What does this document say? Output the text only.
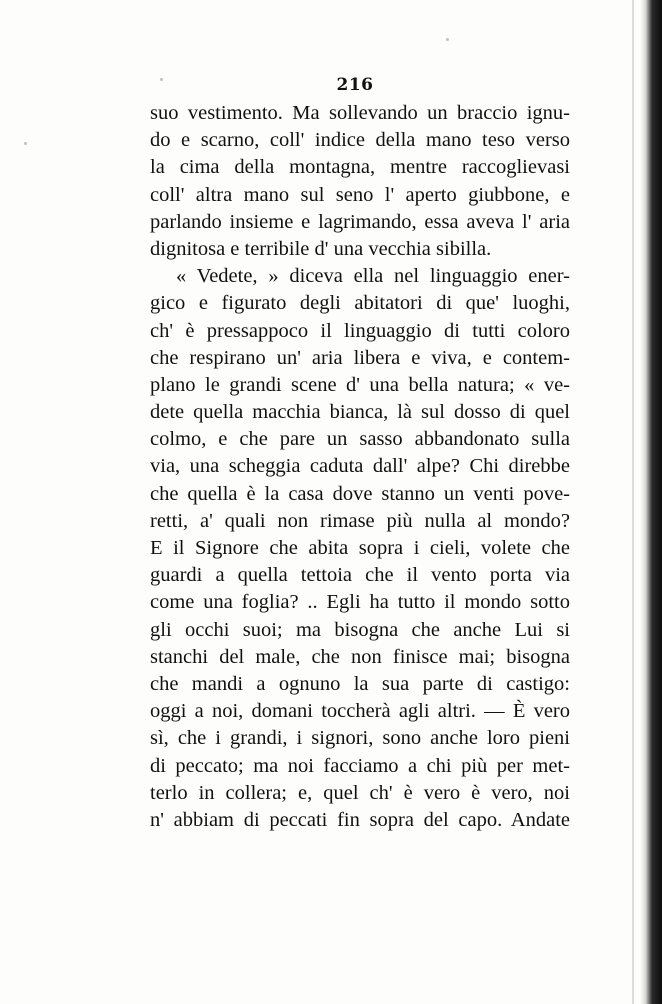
216
suo vestimento. Ma sollevando un braccio ignu-
do e scarno, coll' indice della mano teso verso
la cima della montagna, mentre raccoglievasi
coll' altra mano sul seno l' aperto giubbone, e
parlando insieme e lagrimando, essa aveva l' aria
dignitosa e terribile d' una vecchia sibilla.
« Vedete, » diceva ella nel linguaggio ener-
gico e figurato degli abitatori di que' luoghi,
ch' è pressappoco il linguaggio di tutti coloro
che respirano un' aria libera e viva, e contem-
plano le grandi scene d' una bella natura; « ve-
dete quella macchia bianca, là sul dosso di quel
colmo, e che pare un sasso abbandonato sulla
via, una scheggia caduta dall' alpe? Chi direbbe
che quella è la casa dove stanno un venti pove-
retti, a' quali non rimase più nulla al mondo?
E il Signore che abita sopra i cieli, volete che
guardi a quella tettoia che il vento porta via
come una foglia? .. Egli ha tutto il mondo sotto
gli occhi suoi; ma bisogna che anche Lui si
stanchi del male, che non finisce mai; bisogna
che mandi a ognuno la sua parte di castigo:
oggi a noi, domani toccherà agli altri. — È vero
sì, che i grandi, i signori, sono anche loro pieni
di peccato; ma noi facciamo a chi più per met-
terlo in collera; e, quel ch' è vero è vero, noi
n' abbiam di peccati fin sopra del capo. Andate
